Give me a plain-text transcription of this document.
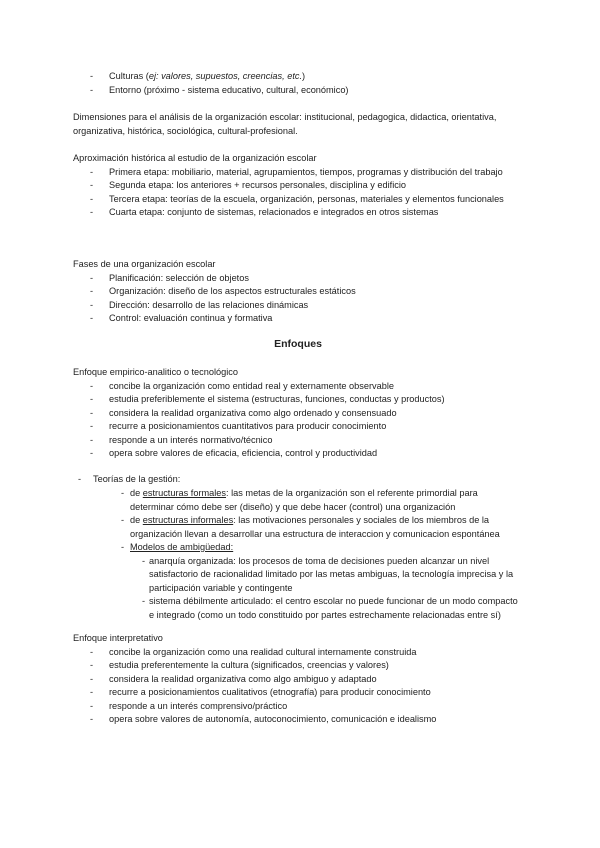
- Culturas (ej: valores, supuestos, creencias, etc.)
- Entorno (próximo - sistema educativo, cultural, económico)

Dimensiones para el análisis de la organización escolar: institucional, pedagogica, didactica, orientativa, organizativa, histórica, sociológica, cultural-profesional.

Aproximación histórica al estudio de la organización escolar

- Primera etapa: mobiliario, material, agrupamientos, tiempos, programas y distribución del trabajo
- Segunda etapa: los anteriores + recursos personales, disciplina y edificio
- Tercera etapa: teorías de la escuela, organización, personas, materiales y elementos funcionales
- Cuarta etapa: conjunto de sistemas, relacionados e integrados en otros sistemas

Fases de una organización escolar

- Planificación: selección de objetos
- Organización: diseño de los aspectos estructurales estáticos
- Dirección: desarrollo de las relaciones dinámicas
- Control: evaluación continua y formativa
Enfoques

Enfoque empirico-analitico o tecnológico

- concibe la organización como entidad real y externamente observable
- estudia preferiblemente el sistema (estructuras, funciones, conductas y productos)
- considera la realidad organizativa como algo ordenado y consensuado
- recurre a posicionamientos cuantitativos para producir conocimiento
- responde a un interés normativo/técnico
- opera sobre valores de eficacia, eficiencia, control y productividad
- Teorías de la gestión:
- de estructuras formales: las metas de la organización son el referente primordial para determinar cómo debe ser (diseño) y que debe hacer (control) una organización
- de estructuras informales: las motivaciones personales y sociales de los miembros de la organización llevan a desarrollar una estructura de interaccion y comunicacion espontánea
- Modelos de ambigüedad:
- anarquía organizada: los procesos de toma de decisiones pueden alcanzar un nivel satisfactorio de racionalidad limitado por las metas ambiguas, la tecnología imprecisa y la participación variable y contingente
- sistema débilmente articulado: el centro escolar no puede funcionar de un modo compacto e integrado (como un todo constituido por partes estrechamente relacionadas entre sí)

Enfoque interpretativo

- concibe la organización como una realidad cultural internamente construida
- estudia preferentemente la cultura (significados, creencias y valores)
- considera la realidad organizativa como algo ambiguo y adaptado
- recurre a posicionamientos cualitativos (etnografía) para producir conocimiento
- responde a un interés comprensivo/práctico
- opera sobre valores de autonomía, autoconocimiento, comunicación e idealismo
